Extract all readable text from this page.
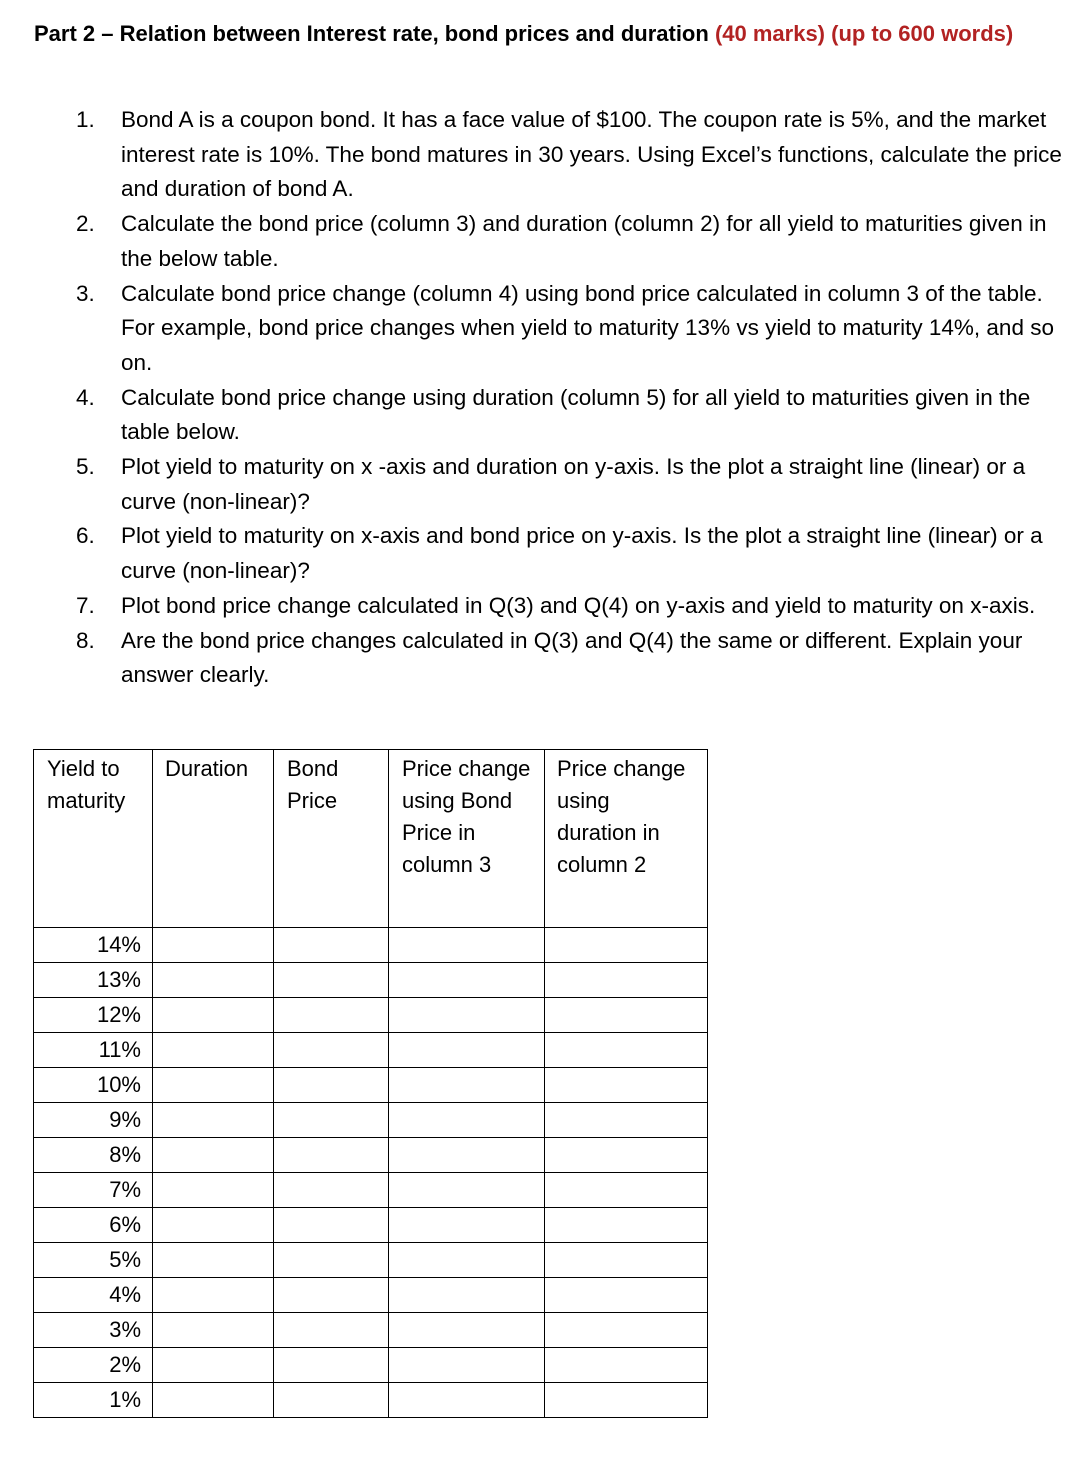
Part 2 – Relation between Interest rate, bond prices and duration (40 marks) (up to 600 words)
1.	Bond A is a coupon bond. It has a face value of $100. The coupon rate is 5%, and the market interest rate is 10%. The bond matures in 30 years. Using Excel’s functions, calculate the price and duration of bond A.
2.	Calculate the bond price (column 3) and duration (column 2) for all yield to maturities given in the below table.
3.	Calculate bond price change (column 4) using bond price calculated in column 3 of the table. For example, bond price changes when yield to maturity 13% vs yield to maturity 14%, and so on.
4.	Calculate bond price change using duration (column 5) for all yield to maturities given in the table below.
5.	Plot yield to maturity on x -axis and duration on y-axis. Is the plot a straight line (linear) or a curve (non-linear)?
6.	Plot yield to maturity on x-axis and bond price on y-axis. Is the plot a straight line (linear) or a curve (non-linear)?
7.	Plot bond price change calculated in Q(3) and Q(4) on y-axis and yield to maturity on x-axis.
8.	Are the bond price changes calculated in Q(3) and Q(4) the same or different. Explain your answer clearly.
Yield to maturity	Duration	Bond Price	Price change using Bond Price in column 3	Price change using duration in column 2
14%				
13%				
12%				
11%				
10%				
9%				
8%				
7%				
6%				
5%				
4%				
3%				
2%				
1%				
